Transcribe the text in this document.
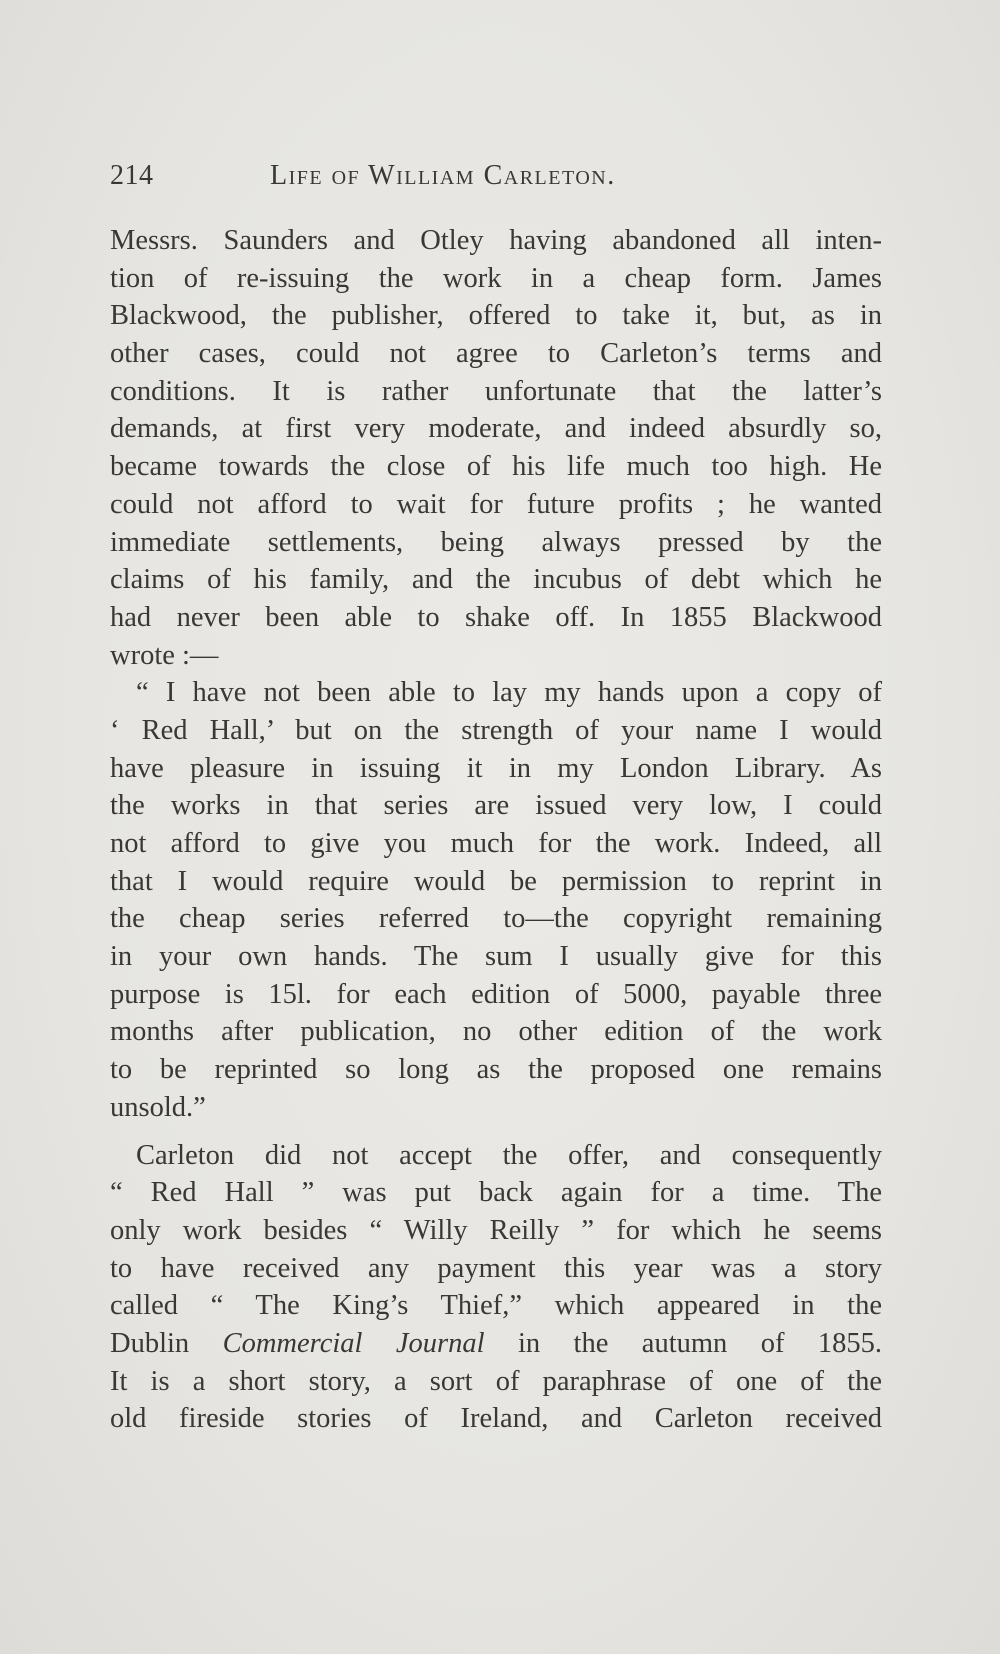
214	Life of William Carleton.
Messrs. Saunders and Otley having abandoned all inten-
tion of re-issuing the work in a cheap form. James
Blackwood, the publisher, offered to take it, but, as in
other cases, could not agree to Carleton’s terms and
conditions. It is rather unfortunate that the latter’s
demands, at first very moderate, and indeed absurdly so,
became towards the close of his life much too high. He
could not afford to wait for future profits ; he wanted
immediate settlements, being always pressed by the
claims of his family, and the incubus of debt which he
had never been able to shake off. In 1855 Blackwood
wrote :—
“ I have not been able to lay my hands upon a copy of
‘ Red Hall,’ but on the strength of your name I would
have pleasure in issuing it in my London Library. As
the works in that series are issued very low, I could
not afford to give you much for the work. Indeed, all
that I would require would be permission to reprint in
the cheap series referred to—the copyright remaining
in your own hands. The sum I usually give for this
purpose is 15l. for each edition of 5000, payable three
months after publication, no other edition of the work
to be reprinted so long as the proposed one remains
unsold.”
Carleton did not accept the offer, and consequently
“ Red Hall ” was put back again for a time. The
only work besides “ Willy Reilly ” for which he seems
to have received any payment this year was a story
called “ The King’s Thief,” which appeared in the
Dublin Commercial Journal in the autumn of 1855.
It is a short story, a sort of paraphrase of one of the
old fireside stories of Ireland, and Carleton received
